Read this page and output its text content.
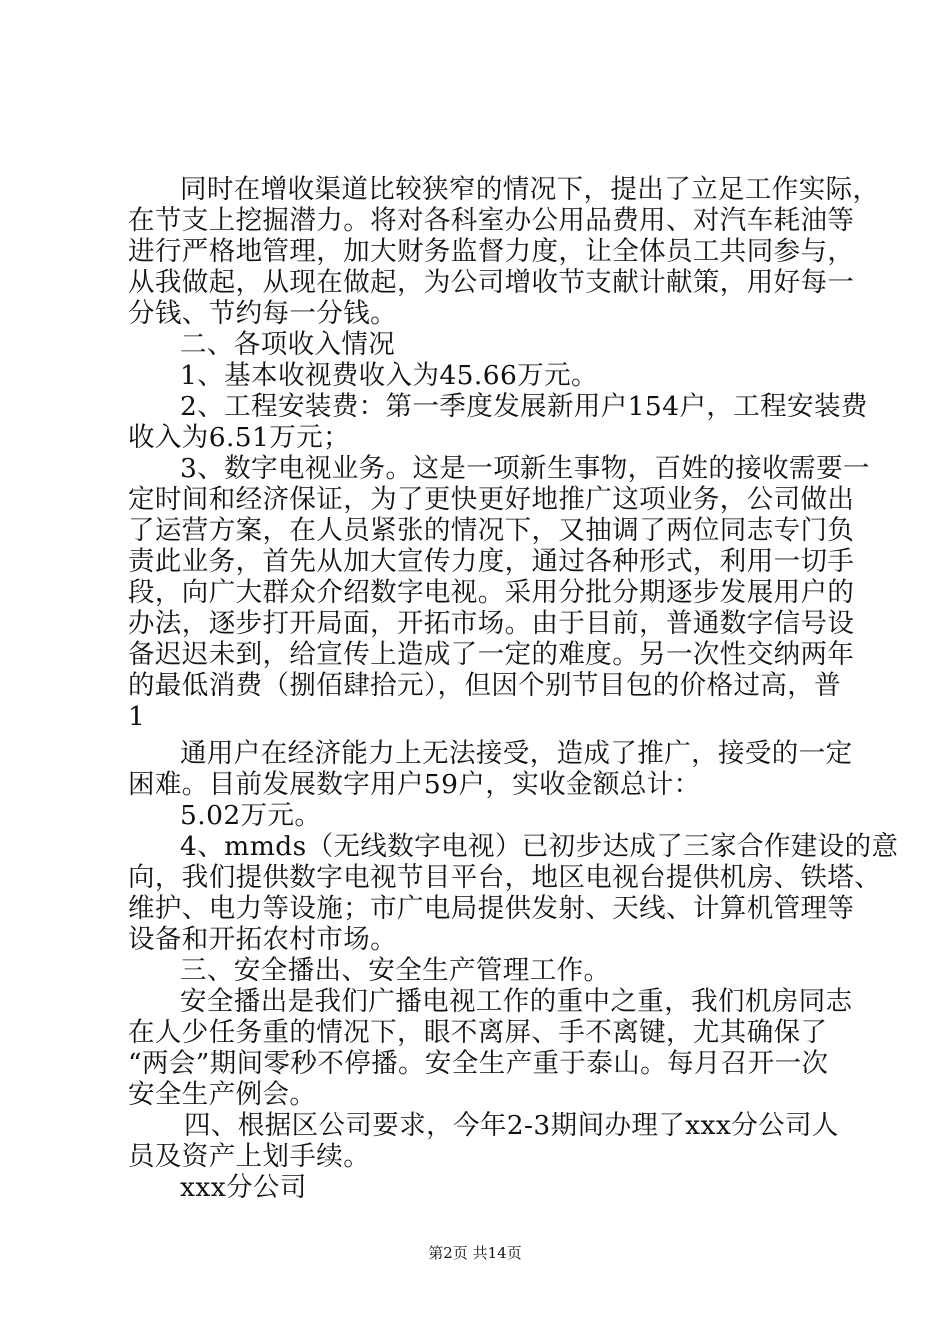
同时在增收渠道比较狭窄的情况下，提出了立足工作实际，
在节支上挖掘潜力。将对各科室办公用品费用、对汽车耗油等
进行严格地管理，加大财务监督力度，让全体员工共同参与，
从我做起，从现在做起，为公司增收节支献计献策，用好每一
分钱、节约每一分钱。
二、各项收入情况
1、基本收视费收入为45.66万元。
2、工程安装费：第一季度发展新用户154户，工程安装费
收入为6.51万元；
3、数字电视业务。这是一项新生事物，百姓的接收需要一
定时间和经济保证，为了更快更好地推广这项业务，公司做出
了运营方案，在人员紧张的情况下，又抽调了两位同志专门负
责此业务，首先从加大宣传力度，通过各种形式，利用一切手
段，向广大群众介绍数字电视。采用分批分期逐步发展用户的
办法，逐步打开局面，开拓市场。由于目前，普通数字信号设
备迟迟未到，给宣传上造成了一定的难度。另一次性交纳两年
的最低消费（捌佰肆拾元），但因个别节目包的价格过高，普
1
通用户在经济能力上无法接受，造成了推广，接受的一定
困难。目前发展数字用户59户，实收金额总计：
5.02万元。
4、mmds（无线数字电视）已初步达成了三家合作建设的意
向，我们提供数字电视节目平台，地区电视台提供机房、铁塔、
维护、电力等设施；市广电局提供发射、天线、计算机管理等
设备和开拓农村市场。
三、安全播出、安全生产管理工作。
安全播出是我们广播电视工作的重中之重，我们机房同志
在人少任务重的情况下，眼不离屏、手不离键，尤其确保了
“两会”期间零秒不停播。安全生产重于泰山。每月召开一次
安全生产例会。
四、根据区公司要求，今年2-3期间办理了xxx分公司人
员及资产上划手续。
xxx分公司
第2页 共14页
